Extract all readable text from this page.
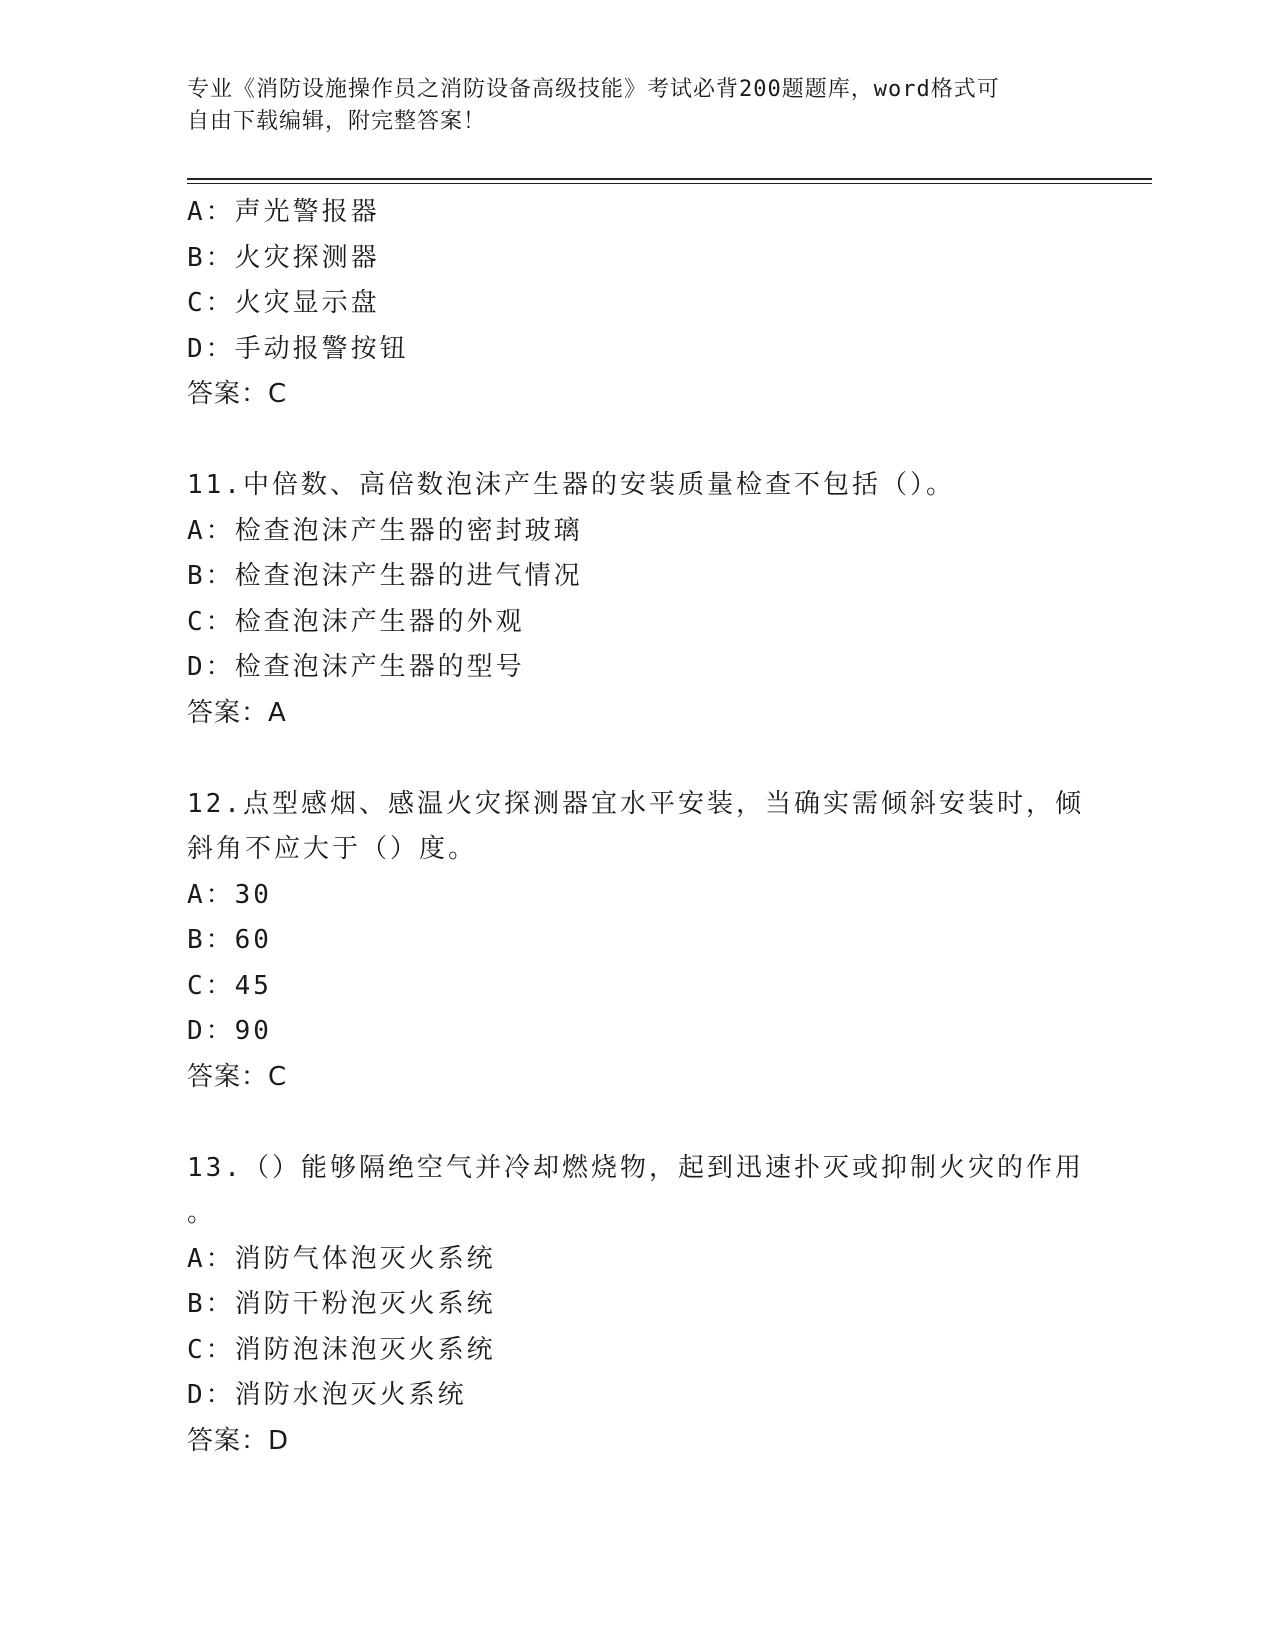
专业《消防设施操作员之消防设备高级技能》考试必背200题题库，word格式可
自由下载编辑，附完整答案！
A：声光警报器
B：火灾探测器
C：火灾显示盘
D：手动报警按钮
答案：C
11.中倍数、高倍数泡沫产生器的安装质量检查不包括（）。
A：检查泡沫产生器的密封玻璃
B：检查泡沫产生器的进气情况
C：检查泡沫产生器的外观
D：检查泡沫产生器的型号
答案：A
12.点型感烟、感温火灾探测器宜水平安装，当确实需倾斜安装时，倾
斜角不应大于（）度。
A：30
B：60
C：45
D：90
答案：C
13.（）能够隔绝空气并冷却燃烧物，起到迅速扑灭或抑制火灾的作用
。
A：消防气体泡灭火系统
B：消防干粉泡灭火系统
C：消防泡沫泡灭火系统
D：消防水泡灭火系统
答案：D
